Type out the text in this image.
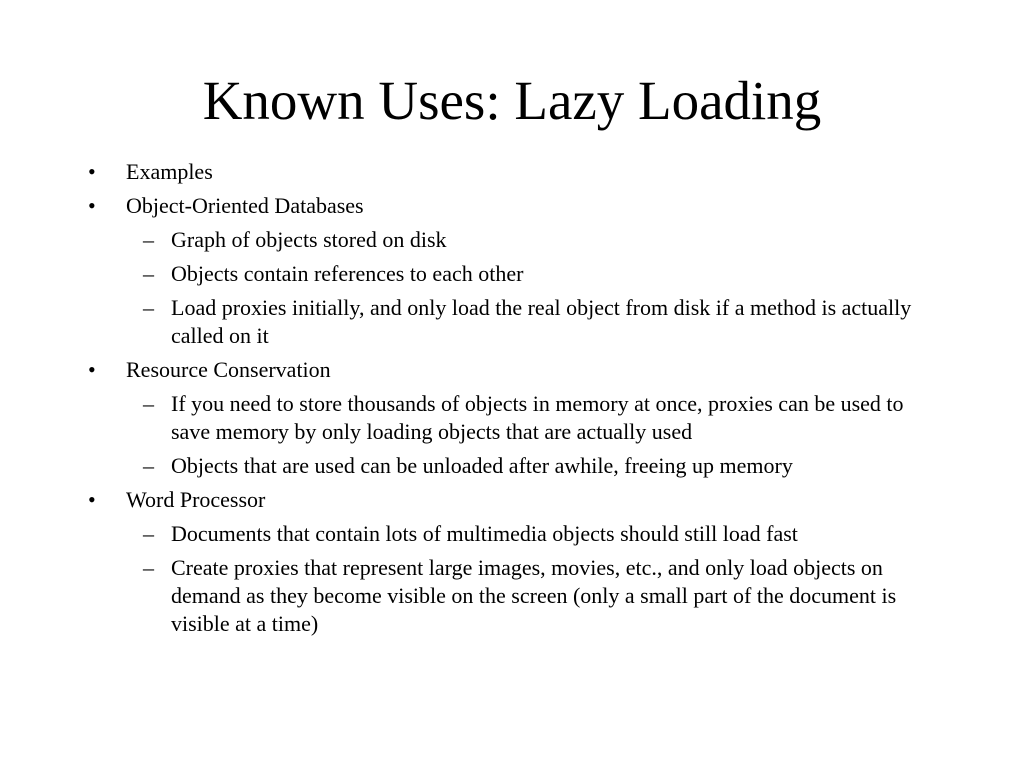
Known Uses: Lazy Loading
• Examples
• Object-Oriented Databases
– Graph of objects stored on disk
– Objects contain references to each other
– Load proxies initially, and only load the real object from disk if a method is actually called on it
• Resource Conservation
– If you need to store thousands of objects in memory at once, proxies can be used to save memory by only loading objects that are actually used
– Objects that are used can be unloaded after awhile, freeing up memory
• Word Processor
– Documents that contain lots of multimedia objects should still load fast
– Create proxies that represent large images, movies, etc., and only load objects on demand as they become visible on the screen (only a small part of the document is visible at a time)
